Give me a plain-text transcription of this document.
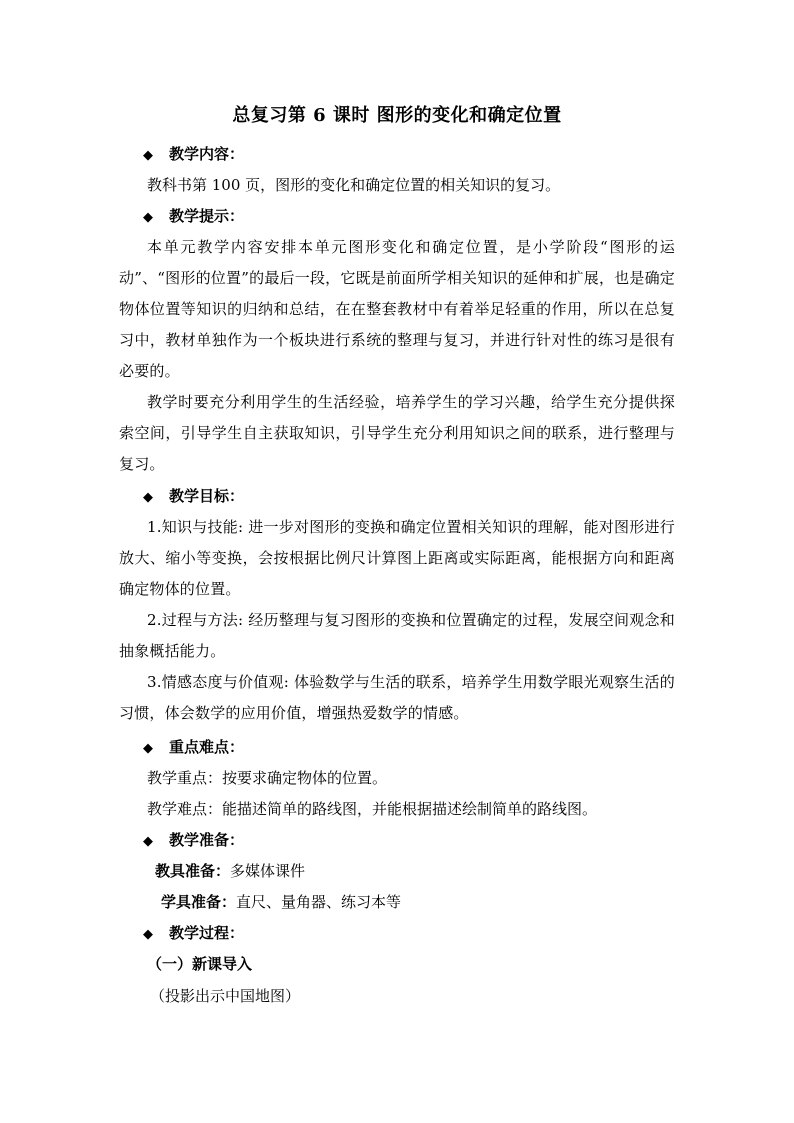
总复习第 6 课时 图形的变化和确定位置
◆ 教学内容：
教科书第 100 页，图形的变化和确定位置的相关知识的复习。
◆ 教学提示：
本单元教学内容安排本单元图形变化和确定位置，是小学阶段“图形的运动”、“图形的位置”的最后一段，它既是前面所学相关知识的延伸和扩展，也是确定物体位置等知识的归纳和总结，在在整套教材中有着举足轻重的作用，所以在总复习中，教材单独作为一个板块进行系统的整理与复习，并进行针对性的练习是很有必要的。
教学时要充分利用学生的生活经验，培养学生的学习兴趣，给学生充分提供探索空间，引导学生自主获取知识，引导学生充分利用知识之间的联系，进行整理与复习。
◆ 教学目标：
1.知识与技能: 进一步对图形的变换和确定位置相关知识的理解，能对图形进行放大、缩小等变换，会按根据比例尺计算图上距离或实际距离，能根据方向和距离确定物体的位置。
2.过程与方法: 经历整理与复习图形的变换和位置确定的过程，发展空间观念和抽象概括能力。
3.情感态度与价值观: 体验数学与生活的联系，培养学生用数学眼光观察生活的习惯，体会数学的应用价值，增强热爱数学的情感。
◆ 重点难点：
教学重点：按要求确定物体的位置。
教学难点：能描述简单的路线图，并能根据描述绘制简单的路线图。
◆ 教学准备：
教具准备：多媒体课件
学具准备：直尺、量角器、练习本等
◆ 教学过程：
（一）新课导入
（投影出示中国地图）
